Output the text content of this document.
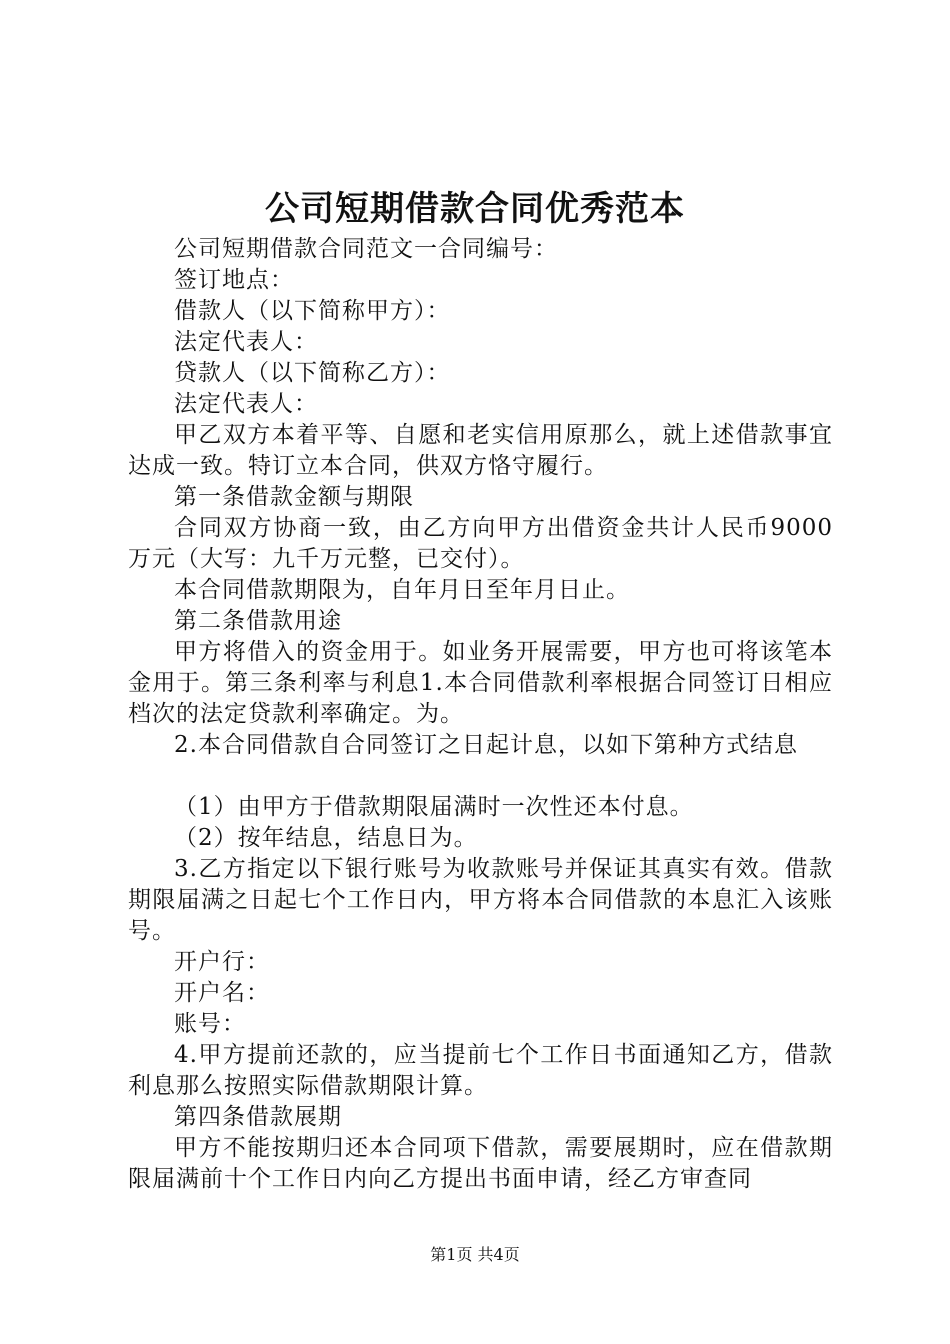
公司短期借款合同优秀范本

公司短期借款合同范文一合同编号：

签订地点：

借款人（以下简称甲方）：

法定代表人：

贷款人（以下简称乙方）：

法定代表人：

甲乙双方本着平等、自愿和老实信用原那么，就上述借款事宜达成一致。特订立本合同，供双方恪守履行。

第一条借款金额与期限

合同双方协商一致，由乙方向甲方出借资金共计人民币9000万元（大写：九千万元整，已交付）。

本合同借款期限为，自年月日至年月日止。

第二条借款用途

甲方将借入的资金用于。如业务开展需要，甲方也可将该笔本金用于。第三条利率与利息1.本合同借款利率根据合同签订日相应档次的法定贷款利率确定。为。

2.本合同借款自合同签订之日起计息，以如下第种方式结息

（1）由甲方于借款期限届满时一次性还本付息。

（2）按年结息，结息日为。

3.乙方指定以下银行账号为收款账号并保证其真实有效。借款期限届满之日起七个工作日内，甲方将本合同借款的本息汇入该账号。

开户行：

开户名：

账号：

4.甲方提前还款的，应当提前七个工作日书面通知乙方，借款利息那么按照实际借款期限计算。

第四条借款展期

甲方不能按期归还本合同项下借款，需要展期时，应在借款期限届满前十个工作日内向乙方提出书面申请，经乙方审查同

第1页 共4页
